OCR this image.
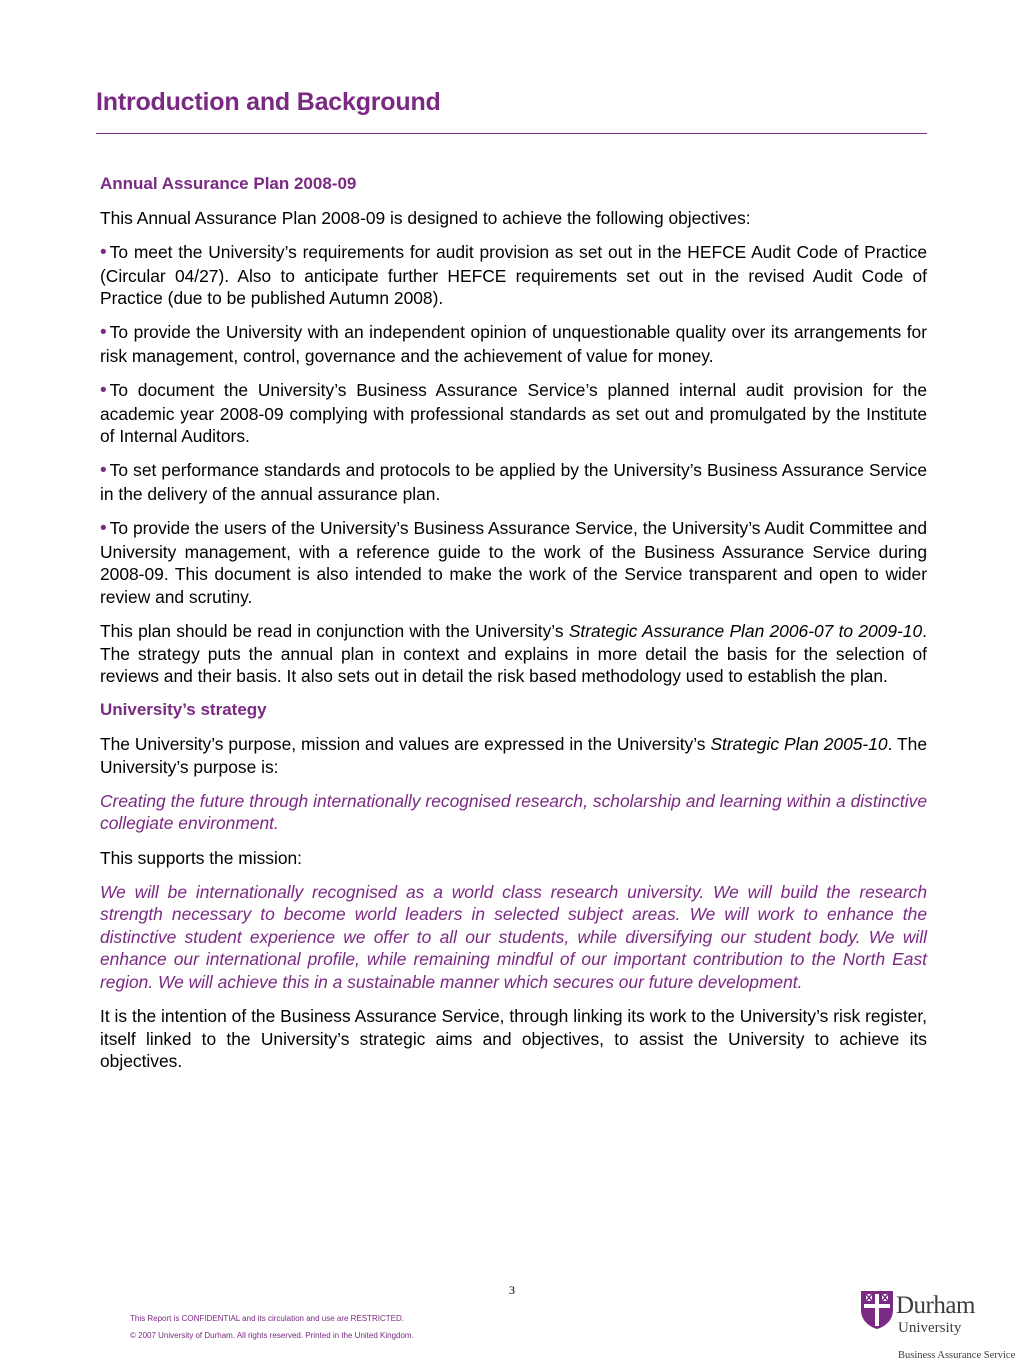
Introduction and Background
Annual Assurance Plan 2008-09

This Annual Assurance Plan 2008-09 is designed to achieve the following objectives:

• To meet the University’s requirements for audit provision as set out in the HEFCE Audit Code of Practice (Circular 04/27). Also to anticipate further HEFCE requirements set out in the revised Audit Code of Practice (due to be published Autumn 2008).

• To provide the University with an independent opinion of unquestionable quality over its arrangements for risk management, control, governance and the achievement of value for money.

• To document the University’s Business Assurance Service’s planned internal audit provision for the academic year 2008-09 complying with professional standards as set out and promulgated by the Institute of Internal Auditors.

• To set performance standards and protocols to be applied by the University’s Business Assurance Service in the delivery of the annual assurance plan.

• To provide the users of the University’s Business Assurance Service, the University’s Audit Committee and University management, with a reference guide to the work of the Business Assurance Service during 2008-09. This document is also intended to make the work of the Service transparent and open to wider review and scrutiny.

This plan should be read in conjunction with the University’s Strategic Assurance Plan 2006-07 to 2009-10. The strategy puts the annual plan in context and explains in more detail the basis for the selection of reviews and their basis. It also sets out in detail the risk based methodology used to establish the plan.

University’s strategy

The University’s purpose, mission and values are expressed in the University’s Strategic Plan 2005-10. The University’s purpose is:

Creating the future through internationally recognised research, scholarship and learning within a distinctive collegiate environment.

This supports the mission:

We will be internationally recognised as a world class research university. We will build the research strength necessary to become world leaders in selected subject areas. We will work to enhance the distinctive student experience we offer to all our students, while diversifying our student body. We will enhance our international profile, while remaining mindful of our important contribution to the North East region. We will achieve this in a sustainable manner which secures our future development.

It is the intention of the Business Assurance Service, through linking its work to the University’s risk register, itself linked to the University’s strategic aims and objectives, to assist the University to achieve its objectives.

3
This Report is CONFIDENTIAL and its circulation and use are RESTRICTED.
© 2007 University of Durham. All rights reserved. Printed in the United Kingdom.
Durham
University
Business Assurance Service
